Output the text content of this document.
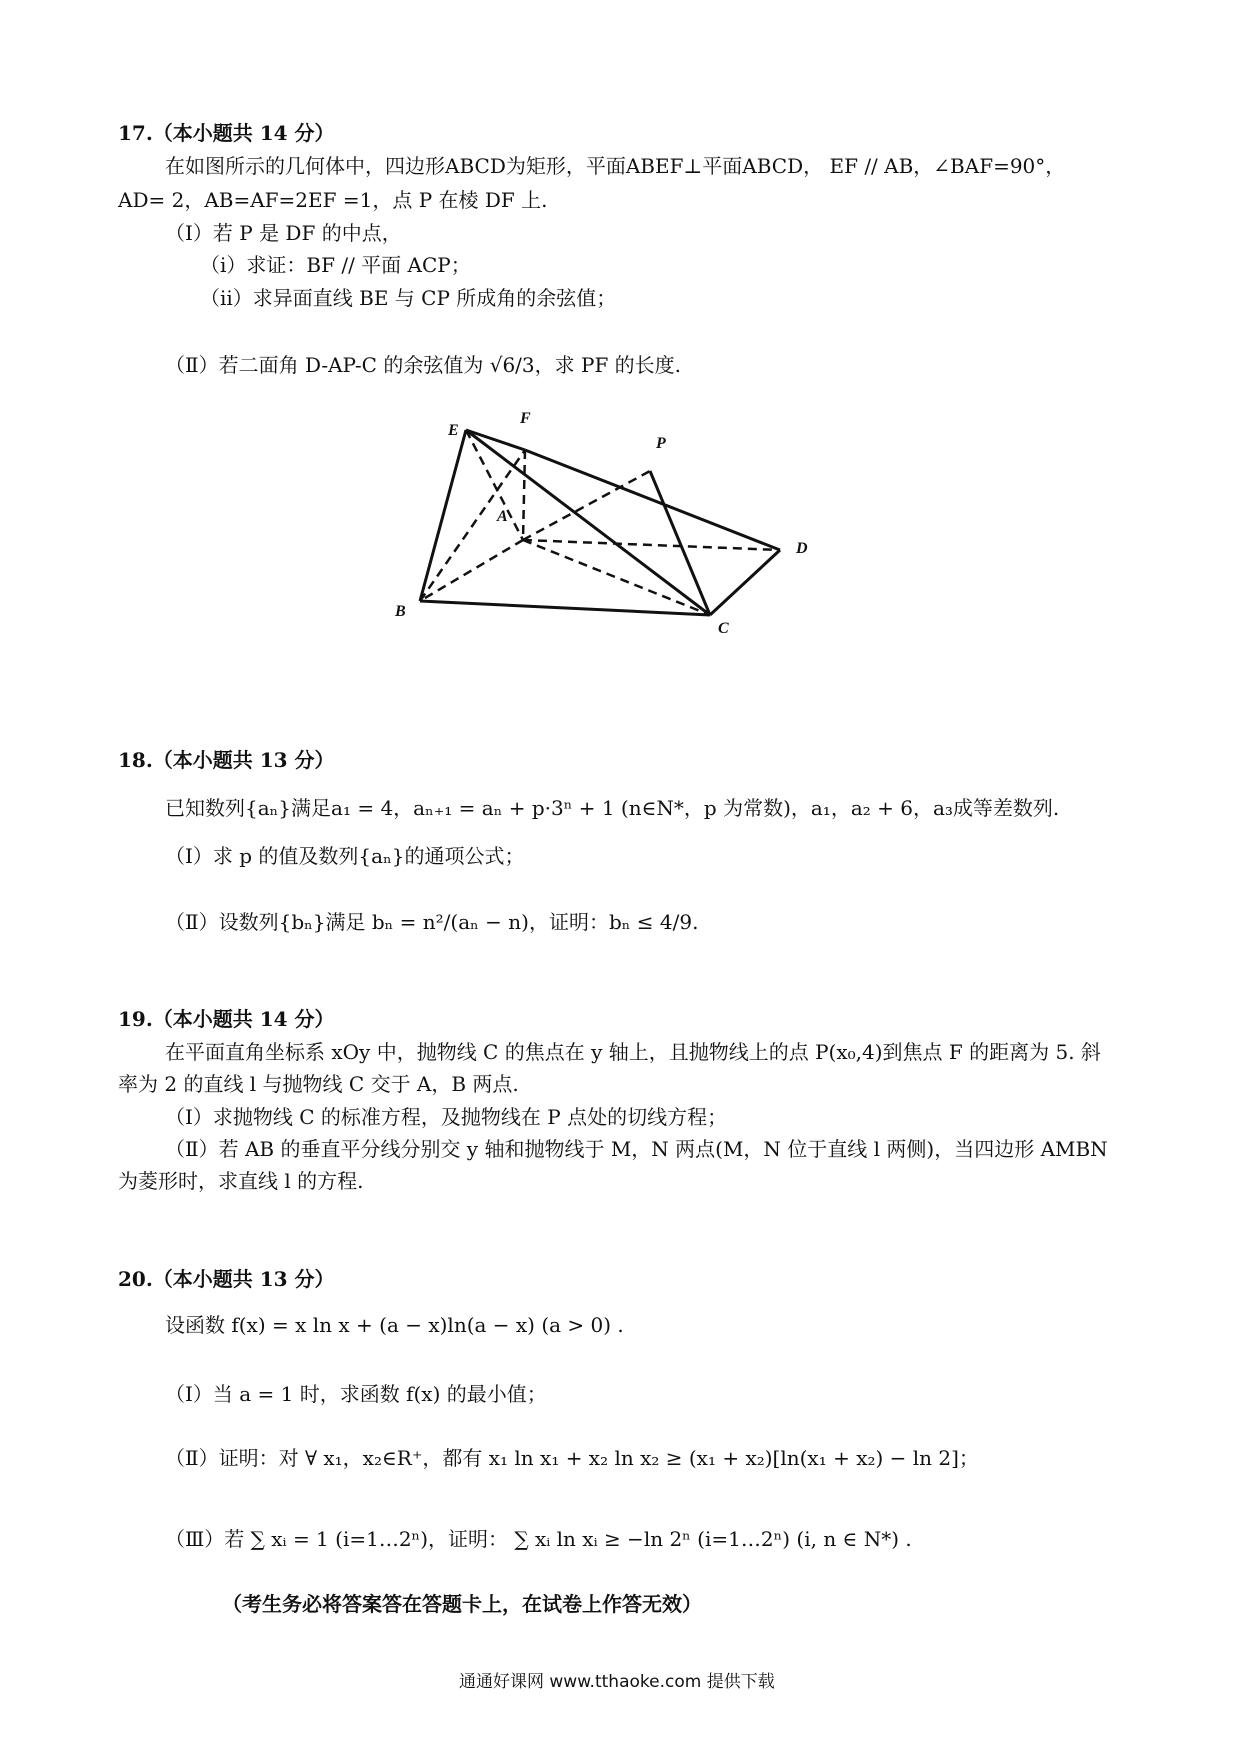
17.（本小题共 14 分）
在如图所示的几何体中，四边形ABCD为矩形，平面ABEF⊥平面ABCD， EF // AB，∠BAF=90°，
AD= 2，AB=AF=2EF =1，点 P 在棱 DF 上.
（Ⅰ）若 P 是 DF 的中点，
（ⅰ）求证：BF // 平面 ACP；
（ⅱ）求异面直线 BE 与 CP 所成角的余弦值；
（Ⅱ）若二面角 D-AP-C 的余弦值为 √6/3，求 PF 的长度.
F
E
P
A
D
B
C
18.（本小题共 13 分）
已知数列{aₙ}满足a₁ = 4，aₙ₊₁ = aₙ + p·3ⁿ + 1 (n∈N*，p 为常数)，a₁，a₂ + 6，a₃成等差数列.
（Ⅰ）求 p 的值及数列{aₙ}的通项公式；
（Ⅱ）设数列{bₙ}满足 bₙ = n²/(aₙ − n)，证明：bₙ ≤ 4/9.
19.（本小题共 14 分）
在平面直角坐标系 xOy 中，抛物线 C 的焦点在 y 轴上，且抛物线上的点 P(x₀,4)到焦点 F 的距离为 5. 斜
率为 2 的直线 l 与抛物线 C 交于 A，B 两点.
（Ⅰ）求抛物线 C 的标准方程，及抛物线在 P 点处的切线方程；
（Ⅱ）若 AB 的垂直平分线分别交 y 轴和抛物线于 M，N 两点(M，N 位于直线 l 两侧)，当四边形 AMBN
为菱形时，求直线 l 的方程.
20.（本小题共 13 分）
设函数 f(x) = x ln x + (a − x)ln(a − x) (a > 0) .
（Ⅰ）当 a = 1 时，求函数 f(x) 的最小值；
（Ⅱ）证明：对 ∀ x₁，x₂∈R⁺，都有 x₁ ln x₁ + x₂ ln x₂ ≥ (x₁ + x₂)[ln(x₁ + x₂) − ln 2]；
（Ⅲ）若 ∑ xᵢ = 1 (i=1…2ⁿ)，证明： ∑ xᵢ ln xᵢ ≥ −ln 2ⁿ (i=1…2ⁿ) (i, n ∈ N*) .
（考生务必将答案答在答题卡上，在试卷上作答无效）
通通好课网 www.tthaoke.com 提供下载
